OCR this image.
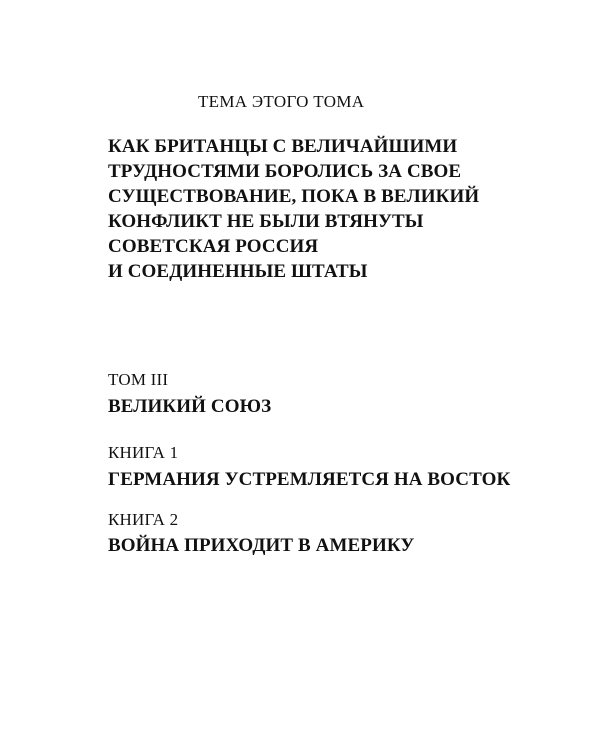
ТЕМА ЭТОГО ТОМА
КАК БРИТАНЦЫ С ВЕЛИЧАЙШИМИ
ТРУДНОСТЯМИ БОРОЛИСЬ ЗА СВОЕ
СУЩЕСТВОВАНИЕ, ПОКА В ВЕЛИКИЙ
КОНФЛИКТ НЕ БЫЛИ ВТЯНУТЫ
СОВЕТСКАЯ РОССИЯ
И СОЕДИНЕННЫЕ ШТАТЫ
ТОМ III
ВЕЛИКИЙ СОЮЗ
КНИГА 1
ГЕРМАНИЯ УСТРЕМЛЯЕТСЯ НА ВОСТОК
КНИГА 2
ВОЙНА ПРИХОДИТ В АМЕРИКУ
